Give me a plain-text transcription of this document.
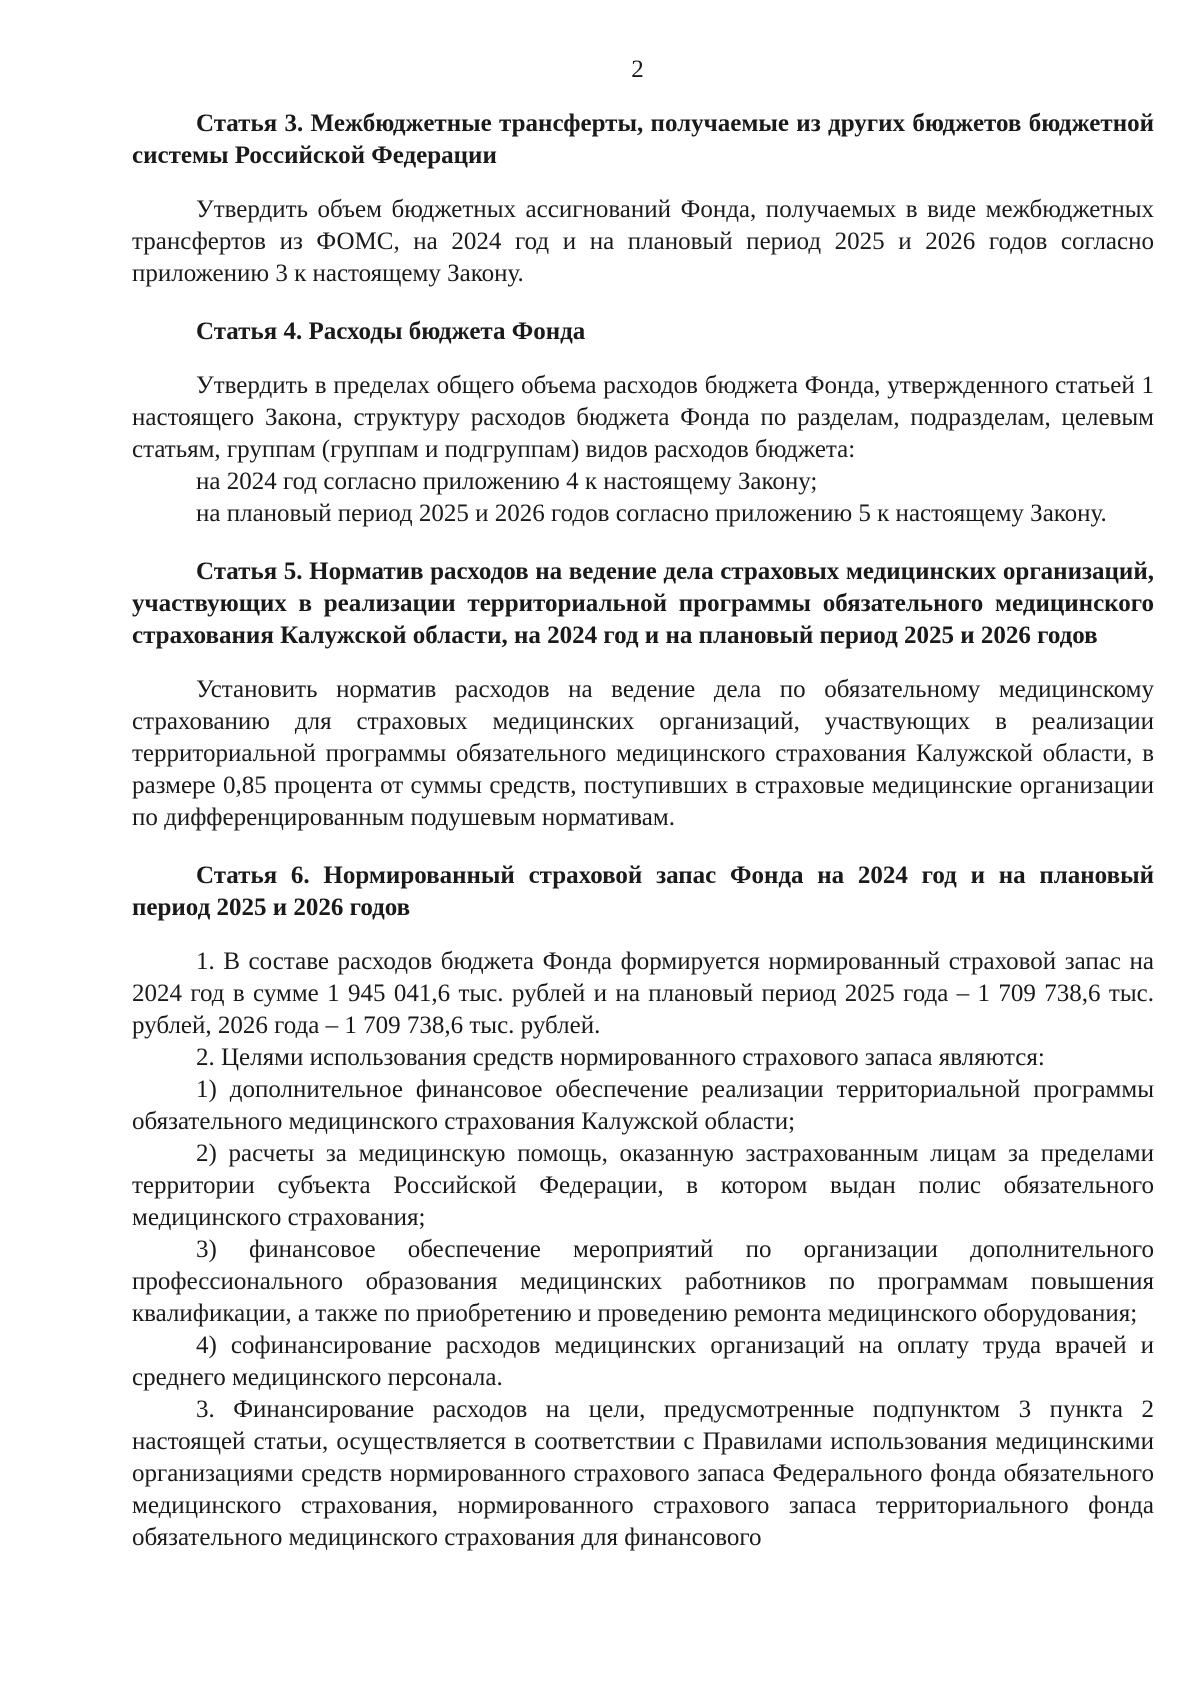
2

Статья 3. Межбюджетные трансферты, получаемые из других бюджетов бюджетной системы Российской Федерации

Утвердить объем бюджетных ассигнований Фонда, получаемых в виде межбюджетных трансфертов из ФОМС, на 2024 год и на плановый период 2025 и 2026 годов согласно приложению 3 к настоящему Закону.

Статья 4. Расходы бюджета Фонда

Утвердить в пределах общего объема расходов бюджета Фонда, утвержденного статьей 1 настоящего Закона, структуру расходов бюджета Фонда по разделам, подразделам, целевым статьям, группам (группам и подгруппам) видов расходов бюджета:

на 2024 год согласно приложению 4 к настоящему Закону;

на плановый период 2025 и 2026 годов согласно приложению 5 к настоящему Закону.

Статья 5. Норматив расходов на ведение дела страховых медицинских организаций, участвующих в реализации территориальной программы обязательного медицинского страхования Калужской области, на 2024 год и на плановый период 2025 и 2026 годов

Установить норматив расходов на ведение дела по обязательному медицинскому страхованию для страховых медицинских организаций, участвующих в реализации территориальной программы обязательного медицинского страхования Калужской области, в размере 0,85 процента от суммы средств, поступивших в страховые медицинские организации по дифференцированным подушевым нормативам.

Статья 6. Нормированный страховой запас Фонда на 2024 год и на плановый период 2025 и 2026 годов

1. В составе расходов бюджета Фонда формируется нормированный страховой запас на 2024 год в сумме 1 945 041,6 тыс. рублей и на плановый период 2025 года – 1 709 738,6 тыс. рублей, 2026 года – 1 709 738,6 тыс. рублей.

2. Целями использования средств нормированного страхового запаса являются:

1) дополнительное финансовое обеспечение реализации территориальной программы обязательного медицинского страхования Калужской области;

2) расчеты за медицинскую помощь, оказанную застрахованным лицам за пределами территории субъекта Российской Федерации, в котором выдан полис обязательного медицинского страхования;

3) финансовое обеспечение мероприятий по организации дополнительного профессионального образования медицинских работников по программам повышения квалификации, а также по приобретению и проведению ремонта медицинского оборудования;

4) софинансирование расходов медицинских организаций на оплату труда врачей и среднего медицинского персонала.

3. Финансирование расходов на цели, предусмотренные подпунктом 3 пункта 2 настоящей статьи, осуществляется в соответствии с Правилами использования медицинскими организациями средств нормированного страхового запаса Федерального фонда обязательного медицинского страхования, нормированного страхового запаса территориального фонда обязательного медицинского страхования для финансового
